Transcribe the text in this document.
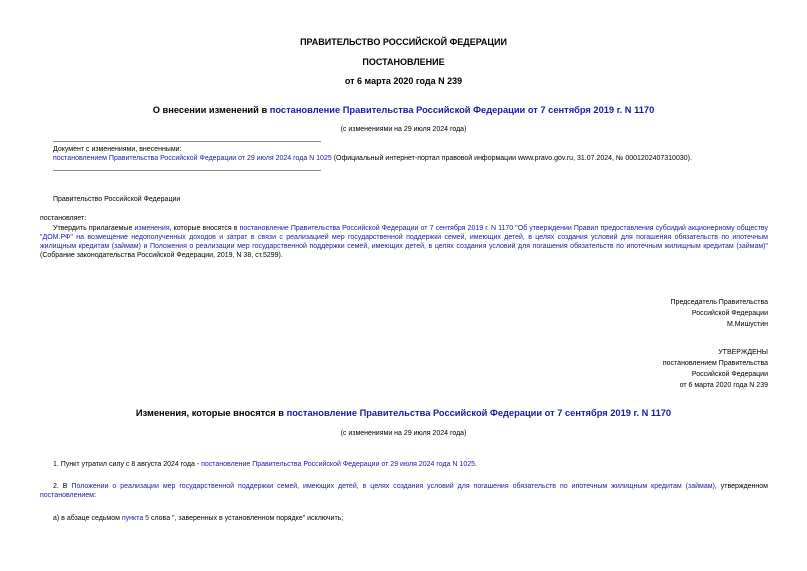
ПРАВИТЕЛЬСТВО РОССИЙСКОЙ ФЕДЕРАЦИИ
ПОСТАНОВЛЕНИЕ
от 6 марта 2020 года N 239
О внесении изменений в постановление Правительства Российской Федерации от 7 сентября 2019 г. N 1170
(с изменениями на 29 июля 2024 года)
Документ с изменениями, внесенными:
постановлением Правительства Российской Федерации от 29 июля 2024 года N 1025 (Официальный интернет-портал правовой информации www.pravo.gov.ru, 31.07.2024, № 0001202407310030).
Правительство Российской Федерации
постановляет:
Утвердить прилагаемые изменения, которые вносятся в постановление Правительства Российской Федерации от 7 сентября 2019 г. N 1170 "Об утверждении Правил предоставления субсидий акционерному обществу "ДОМ.РФ" на возмещение недополученных доходов и затрат в связи с реализацией мер государственной поддержки семей, имеющих детей, в целях создания условий для погашения обязательств по ипотечным жилищным кредитам (займам) и Положения о реализации мер государственной поддержки семей, имеющих детей, в целях создания условий для погашения обязательств по ипотечным жилищным кредитам (займам)" (Собрание законодательства Российской Федерации, 2019, N 38, ст.5299).
Председатель Правительства
Российской Федерации
М.Мишустин
УТВЕРЖДЕНЫ
постановлением Правительства
Российской Федерации
от 6 марта 2020 года N 239
Изменения, которые вносятся в постановление Правительства Российской Федерации от 7 сентября 2019 г. N 1170
(с изменениями на 29 июля 2024 года)
1. Пункт утратил силу с 8 августа 2024 года - постановление Правительства Российской Федерации от 29 июля 2024 года N 1025.
2. В Положении о реализации мер государственной поддержки семей, имеющих детей, в целях создания условий для погашения обязательств по ипотечным жилищным кредитам (займам), утвержденном постановлением:
а) в абзаце седьмом пункта 5 слова ", заверенных в установленном порядке" исключить;
